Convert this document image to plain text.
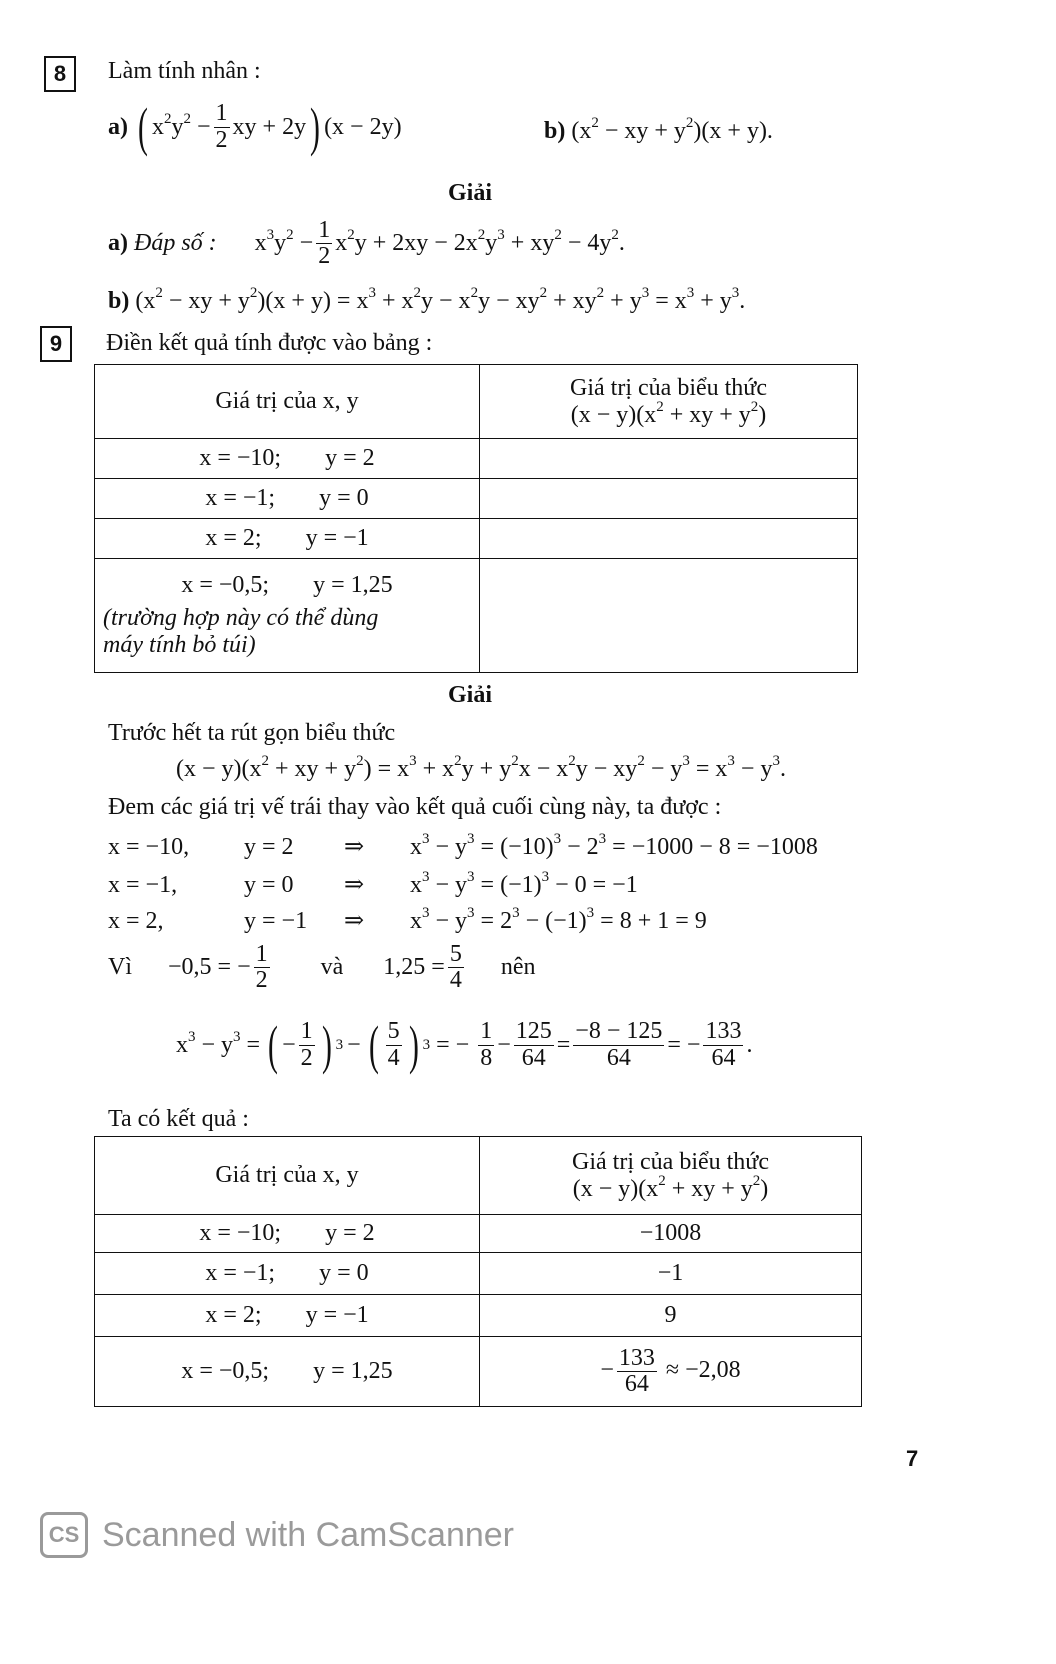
8	Làm tính nhân :
a) ( $x^2y^2 - \frac{1}{2}$ xy + 2y ) (x − 2y)	b) ($x^2$ − xy + $y^2)(x + y)$.
Giải
a) Đáp số : $x^3y^2 - \frac{1}{2} x^2y + 2xy - 2x^2y^3 + xy^2 - 4y^2$.
b) ($x^2$ − xy + $y^2)(x + y) = x^3 + x^2y - x^2y - xy^2 + xy^2 + y^3 = x^3 + y^3$.
9	Điền kết quả tính được vào bảng :
Giá trị của x, y	Giá trị của biểu thức
$(x - y)(x^2$ + xy + $y^2$)

x = −10; y = 2	

x = −1; y = 0	

x = 2; y = −1	

x = −0,5; y = 1,25
(trường hợp này có thể dùng
máy tính bỏ túi)	

Giải
Trước hết ta rút gọn biểu thức
$(x - y)(x^2$ + xy + $y^2) = x^3 + x^2y + y^2x - x^2y - xy^2 - y^3 = x^3 - y^3$.
Đem các giá trị vế trái thay vào kết quả cuối cùng này, ta được :
x = −10, y = 2 ⇒ $x^3 - y^3 = (-10)^3 - 2^3 = -1000 - 8 = -1008$
x = −1,	y = 0 ⇒ $x^3 - y^3 = (-1)^3 - 0 = -1$
x = 2,	y = −1 ⇒ $x^3 - y^3 = 2^3 - (-1)^3 = 8 + 1 = 9$
Vì −0,5 = − $\frac{1}{2}$ và $1,25 = \frac{5}{4}$ nên
$x^3 - y^3$ = ( − $\frac{1}{2}$ ) 3 − ( $\frac{5}{4}$ ) 3 = − $\frac{1}{8} - \frac{125}{64} = \frac{-8 - 125}{64}$ = − $\frac{133}{64}$ .
Ta có kết quả :
Giá trị của x, y	Giá trị của biểu thức
$(x - y)(x^2$ + xy + $y^2$)

x = −10; y = 2	−1008

x = −1; y = 0	−1

x = 2; y = −1	9

x = −0,5; y = 1,25	− $\frac{133}{64} \approx -2,08$
7
CS Scanned with CamScanner
